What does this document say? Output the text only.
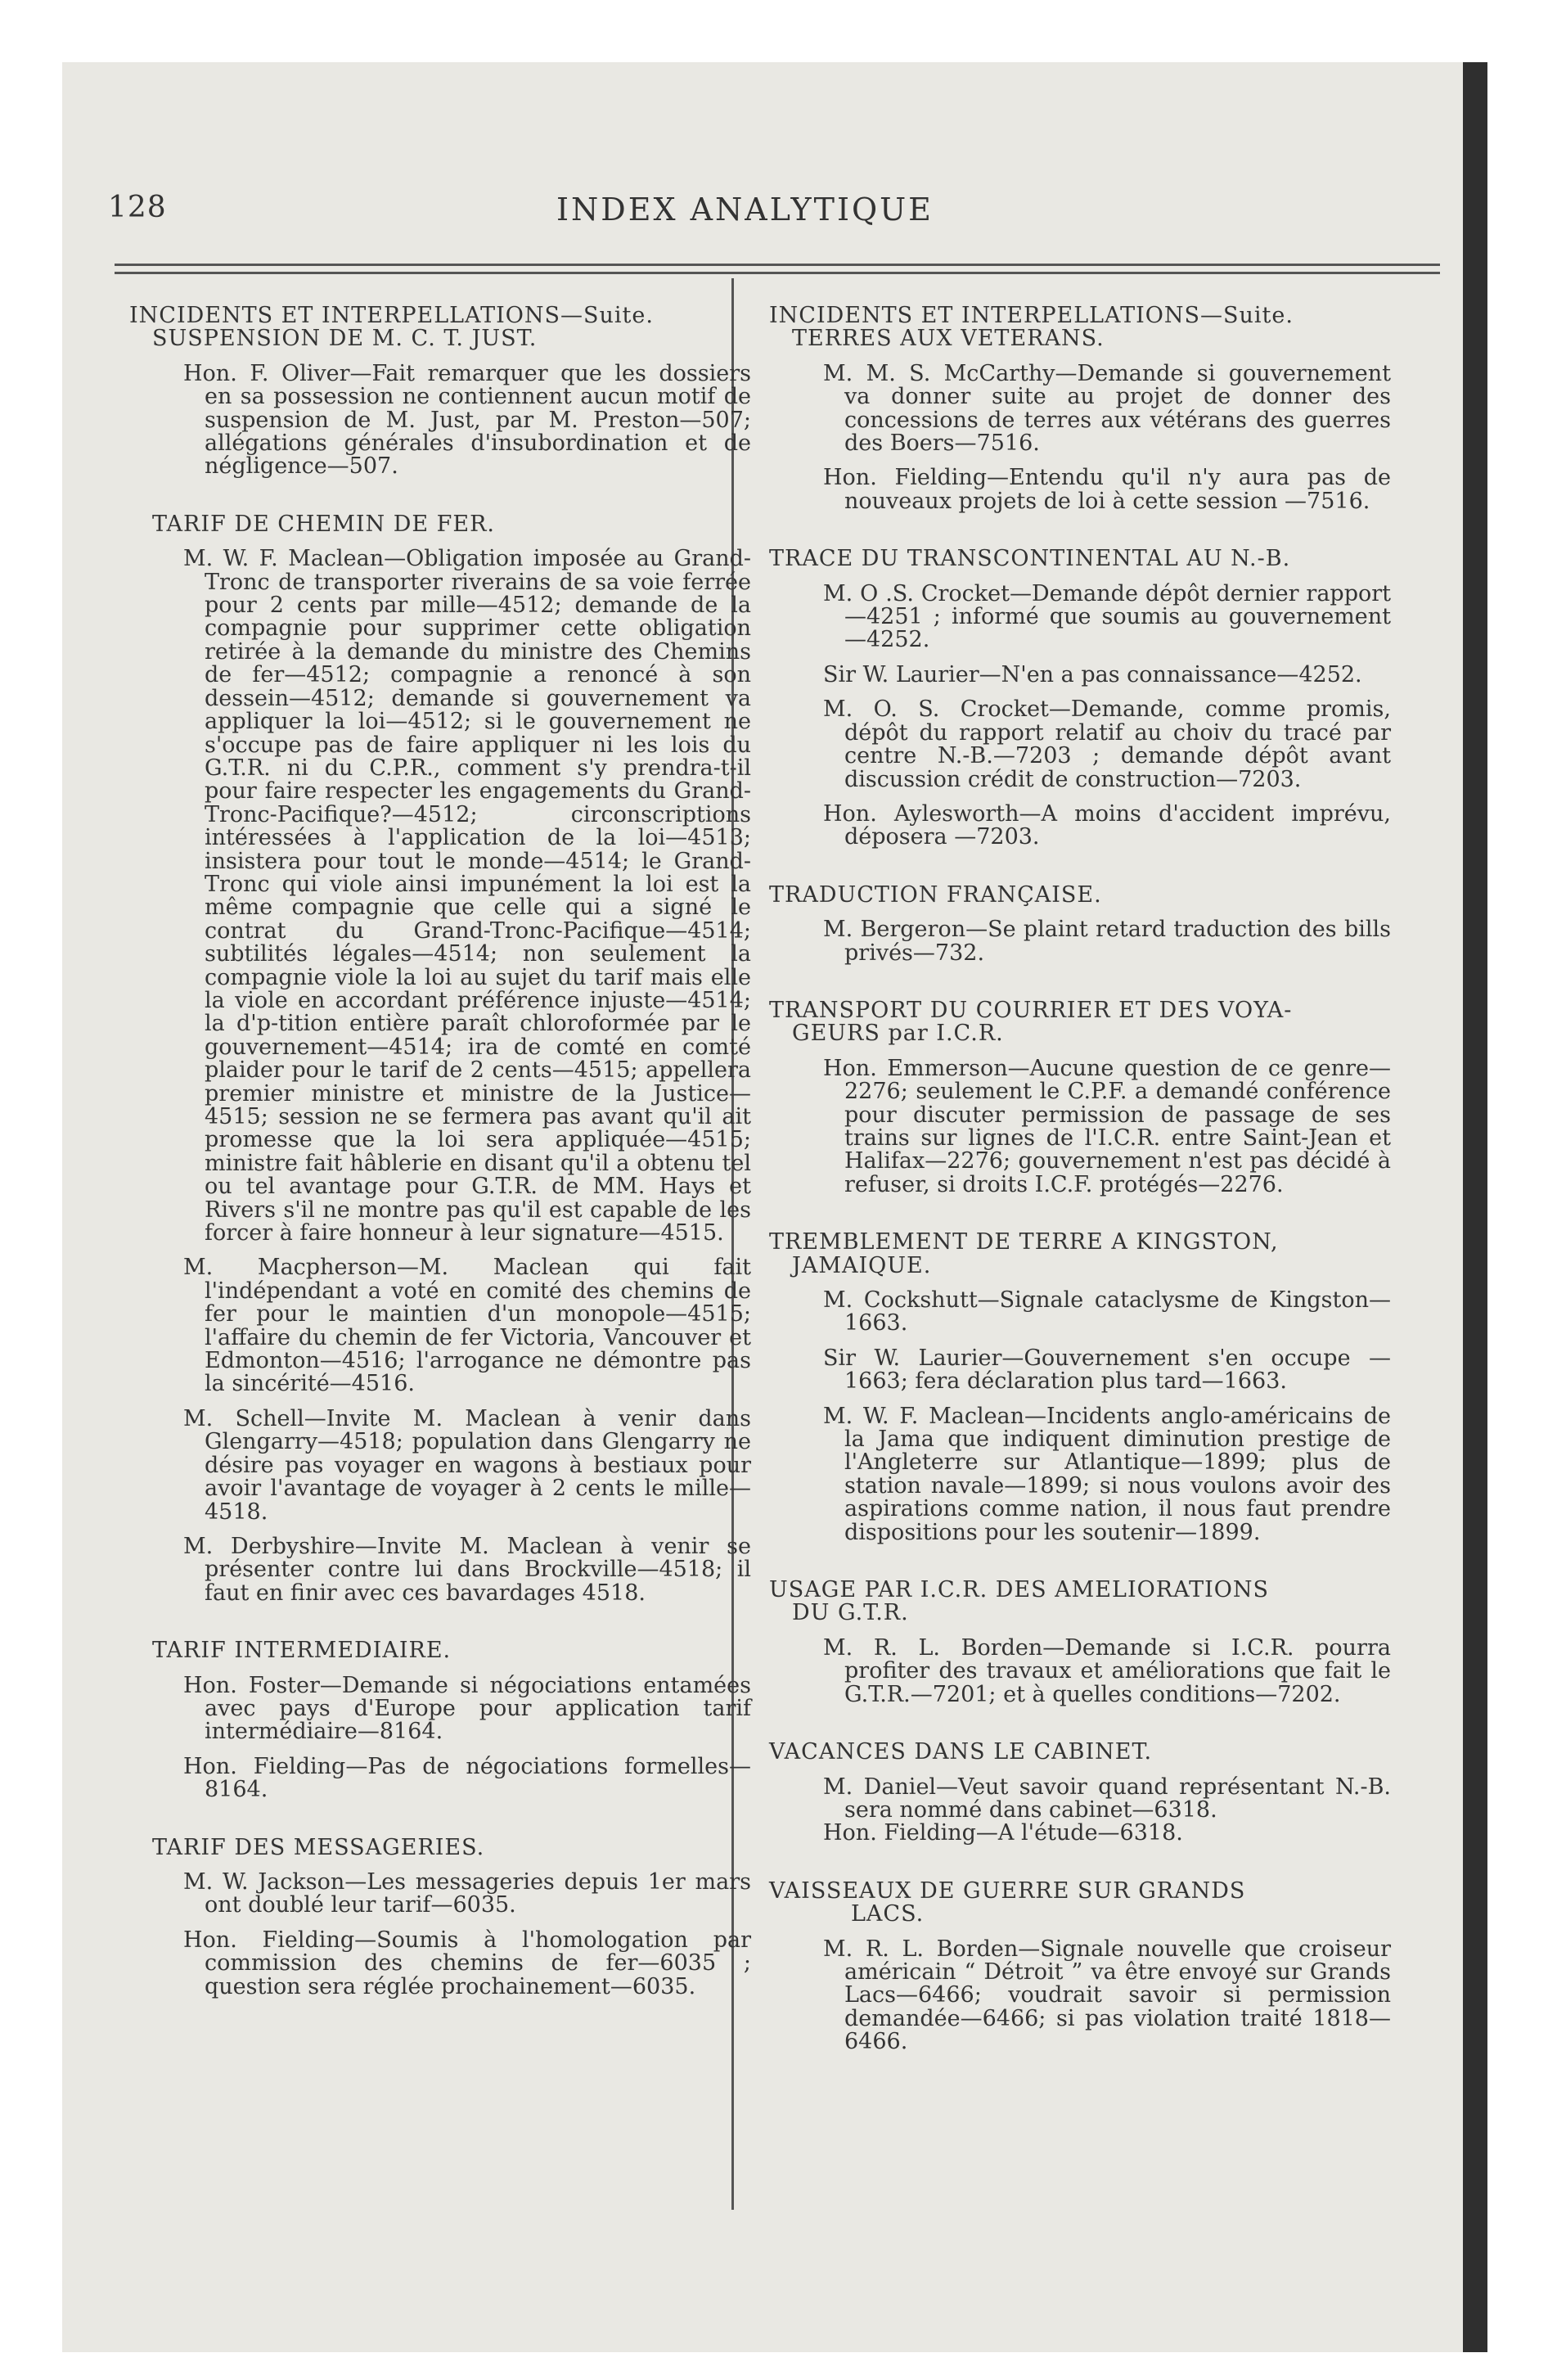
128	INDEX ANALYTIQUE

INCIDENTS ET INTERPELLATIONS—Suite.

SUSPENSION DE M. C. T. JUST.

Hon. F. Oliver—Fait remarquer que les dossiers en sa possession ne contiennent aucun motif de suspension de M. Just, par M. Preston—507; allégations générales d'insubordination et de négligence—507.

TARIF DE CHEMIN DE FER.

M. W. F. Maclean—Obligation imposée au Grand-Tronc de transporter riverains de sa voie ferrée pour 2 cents par mille—4512; demande de la compagnie pour supprimer cette obligation retirée à la demande du ministre des Chemins de fer—4512; compagnie a renoncé à son dessein—4512; demande si gouvernement va appliquer la loi—4512; si le gouvernement ne s'occupe pas de faire appliquer ni les lois du G.T.R. ni du C.P.R., comment s'y prendra-t-il pour faire respecter les engagements du Grand-Tronc-Pacifique?—4512; circonscriptions intéressées à l'application de la loi—4513; insistera pour tout le monde—4514; le Grand-Tronc qui viole ainsi impunément la loi est la même compagnie que celle qui a signé le contrat du Grand-Tronc-Pacifique—4514; subtilités légales—4514; non seulement la compagnie viole la loi au sujet du tarif mais elle la viole en accordant préférence injuste—4514; la d'p-tition entière paraît chloroformée par le gouvernement—4514; ira de comté en comté plaider pour le tarif de 2 cents—4515; appellera premier ministre et ministre de la Justice—4515; session ne se fermera pas avant qu'il ait promesse que la loi sera appliquée—4515; ministre fait hâblerie en disant qu'il a obtenu tel ou tel avantage pour G.T.R. de MM. Hays et Rivers s'il ne montre pas qu'il est capable de les forcer à faire honneur à leur signature—4515.

M. Macpherson—M. Maclean qui fait l'indépendant a voté en comité des chemins de fer pour le maintien d'un monopole—4515; l'affaire du chemin de fer Victoria, Vancouver et Edmonton—4516; l'arrogance ne démontre pas la sincérité—4516.

M. Schell—Invite M. Maclean à venir dans Glengarry—4518; population dans Glengarry ne désire pas voyager en wagons à bestiaux pour avoir l'avantage de voyager à 2 cents le mille—4518.

M. Derbyshire—Invite M. Maclean à venir se présenter contre lui dans Brockville—4518; il faut en finir avec ces bavardages 4518.

TARIF INTERMEDIAIRE.

Hon. Foster—Demande si négociations entamées avec pays d'Europe pour application tarif intermédiaire—8164.

Hon. Fielding—Pas de négociations formelles—8164.

TARIF DES MESSAGERIES.

M. W. Jackson—Les messageries depuis 1er mars ont doublé leur tarif—6035.

Hon. Fielding—Soumis à l'homologation par commission des chemins de fer—6035 ; question sera réglée prochainement—6035.

INCIDENTS ET INTERPELLATIONS—Suite.

TERRES AUX VETERANS.

M. M. S. McCarthy—Demande si gouvernement va donner suite au projet de donner des concessions de terres aux vétérans des guerres des Boers—7516.

Hon. Fielding—Entendu qu'il n'y aura pas de nouveaux projets de loi à cette session —7516.

TRACE DU TRANSCONTINENTAL AU N.-B.

M. O .S. Crocket—Demande dépôt dernier rapport—4251 ; informé que soumis au gouvernement—4252.

Sir W. Laurier—N'en a pas connaissance—4252.

M. O. S. Crocket—Demande, comme promis, dépôt du rapport relatif au choiv du tracé par centre N.-B.—7203 ; demande dépôt avant discussion crédit de construction—7203.

Hon. Aylesworth—A moins d'accident imprévu, déposera —7203.

TRADUCTION FRANÇAISE.

M. Bergeron—Se plaint retard traduction des bills privés—732.

TRANSPORT DU COURRIER ET DES VOYA-
GEURS par I.C.R.

Hon. Emmerson—Aucune question de ce genre—2276; seulement le C.P.F. a demandé conférence pour discuter permission de passage de ses trains sur lignes de l'I.C.R. entre Saint-Jean et Halifax—2276; gouvernement n'est pas décidé à refuser, si droits I.C.F. protégés—2276.

TREMBLEMENT DE TERRE A KINGSTON,
JAMAIQUE.

M. Cockshutt—Signale cataclysme de Kingston—1663.

Sir W. Laurier—Gouvernement s'en occupe —1663; fera déclaration plus tard—1663.

M. W. F. Maclean—Incidents anglo-américains de la Jama que indiquent diminution prestige de l'Angleterre sur Atlantique—1899; plus de station navale—1899; si nous voulons avoir des aspirations comme nation, il nous faut prendre dispositions pour les soutenir—1899.

USAGE PAR I.C.R. DES AMELIORATIONS
DU G.T.R.

M. R. L. Borden—Demande si I.C.R. pourra profiter des travaux et améliorations que fait le G.T.R.—7201; et à quelles conditions—7202.

VACANCES DANS LE CABINET.

M. Daniel—Veut savoir quand représentant N.-B. sera nommé dans cabinet—6318.

Hon. Fielding—A l'étude—6318.

VAISSEAUX DE GUERRE SUR GRANDS
LACS.

M. R. L. Borden—Signale nouvelle que croiseur américain “ Détroit ” va être envoyé sur Grands Lacs—6466; voudrait savoir si permission demandée—6466; si pas violation traité 1818—6466.
